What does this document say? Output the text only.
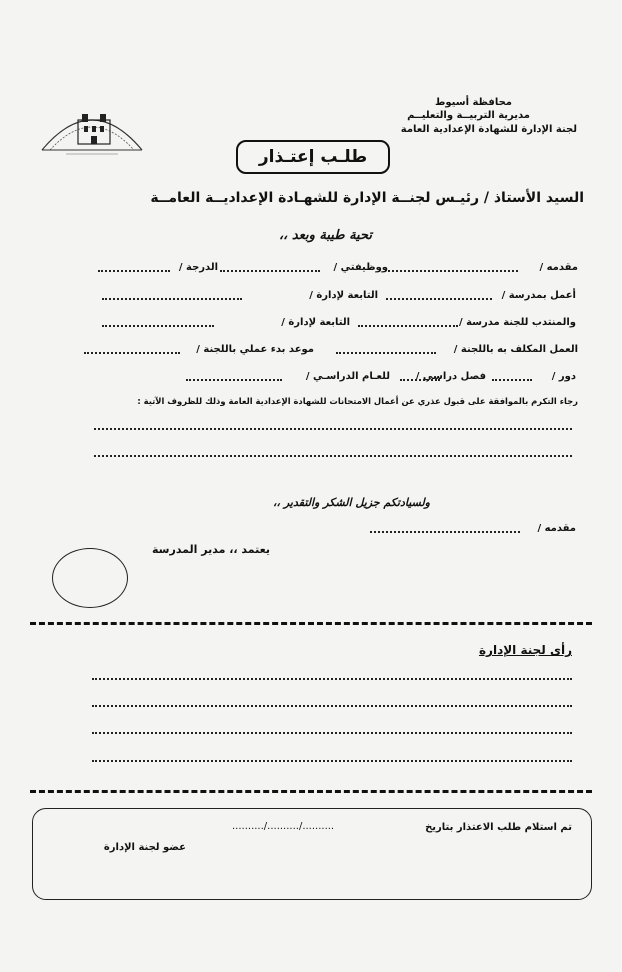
محافظة أسيوط
مديرية التربيــة والتعليــم
لجنة الإدارة للشهادة الإعدادية العامة
طلـب إعتـذار
السيد الأستاذ / رئيـس لجنــة الإدارة للشهـادة الإعداديــة العامــة
تحية طيبة وبعد ،،
مقدمه /
ووظيفتي /
الدرجة /
أعمل بمدرسة /
التابعة لإدارة /
والمنتدب للجنة مدرسة /
التابعة لإدارة /
العمل المكلف به باللجنة /
موعد بدء عملي باللجنة /
دور /
فصل دراسي /
للعـام الدراسـي /
رجاء التكرم بالموافقة على قبول عذري عن أعمال الامتحانات للشهادة الإعدادية العامة وذلك للظروف الآتية :
ولسيادتكم جزيل الشكر والتقدير ،،
مقدمه /
يعتمد ،، مدير المدرسة
رأى لجنة الإدارة
تم استلام طلب الاعتذار بتاريخ
........../........../..........
عضو لجنة الإدارة
